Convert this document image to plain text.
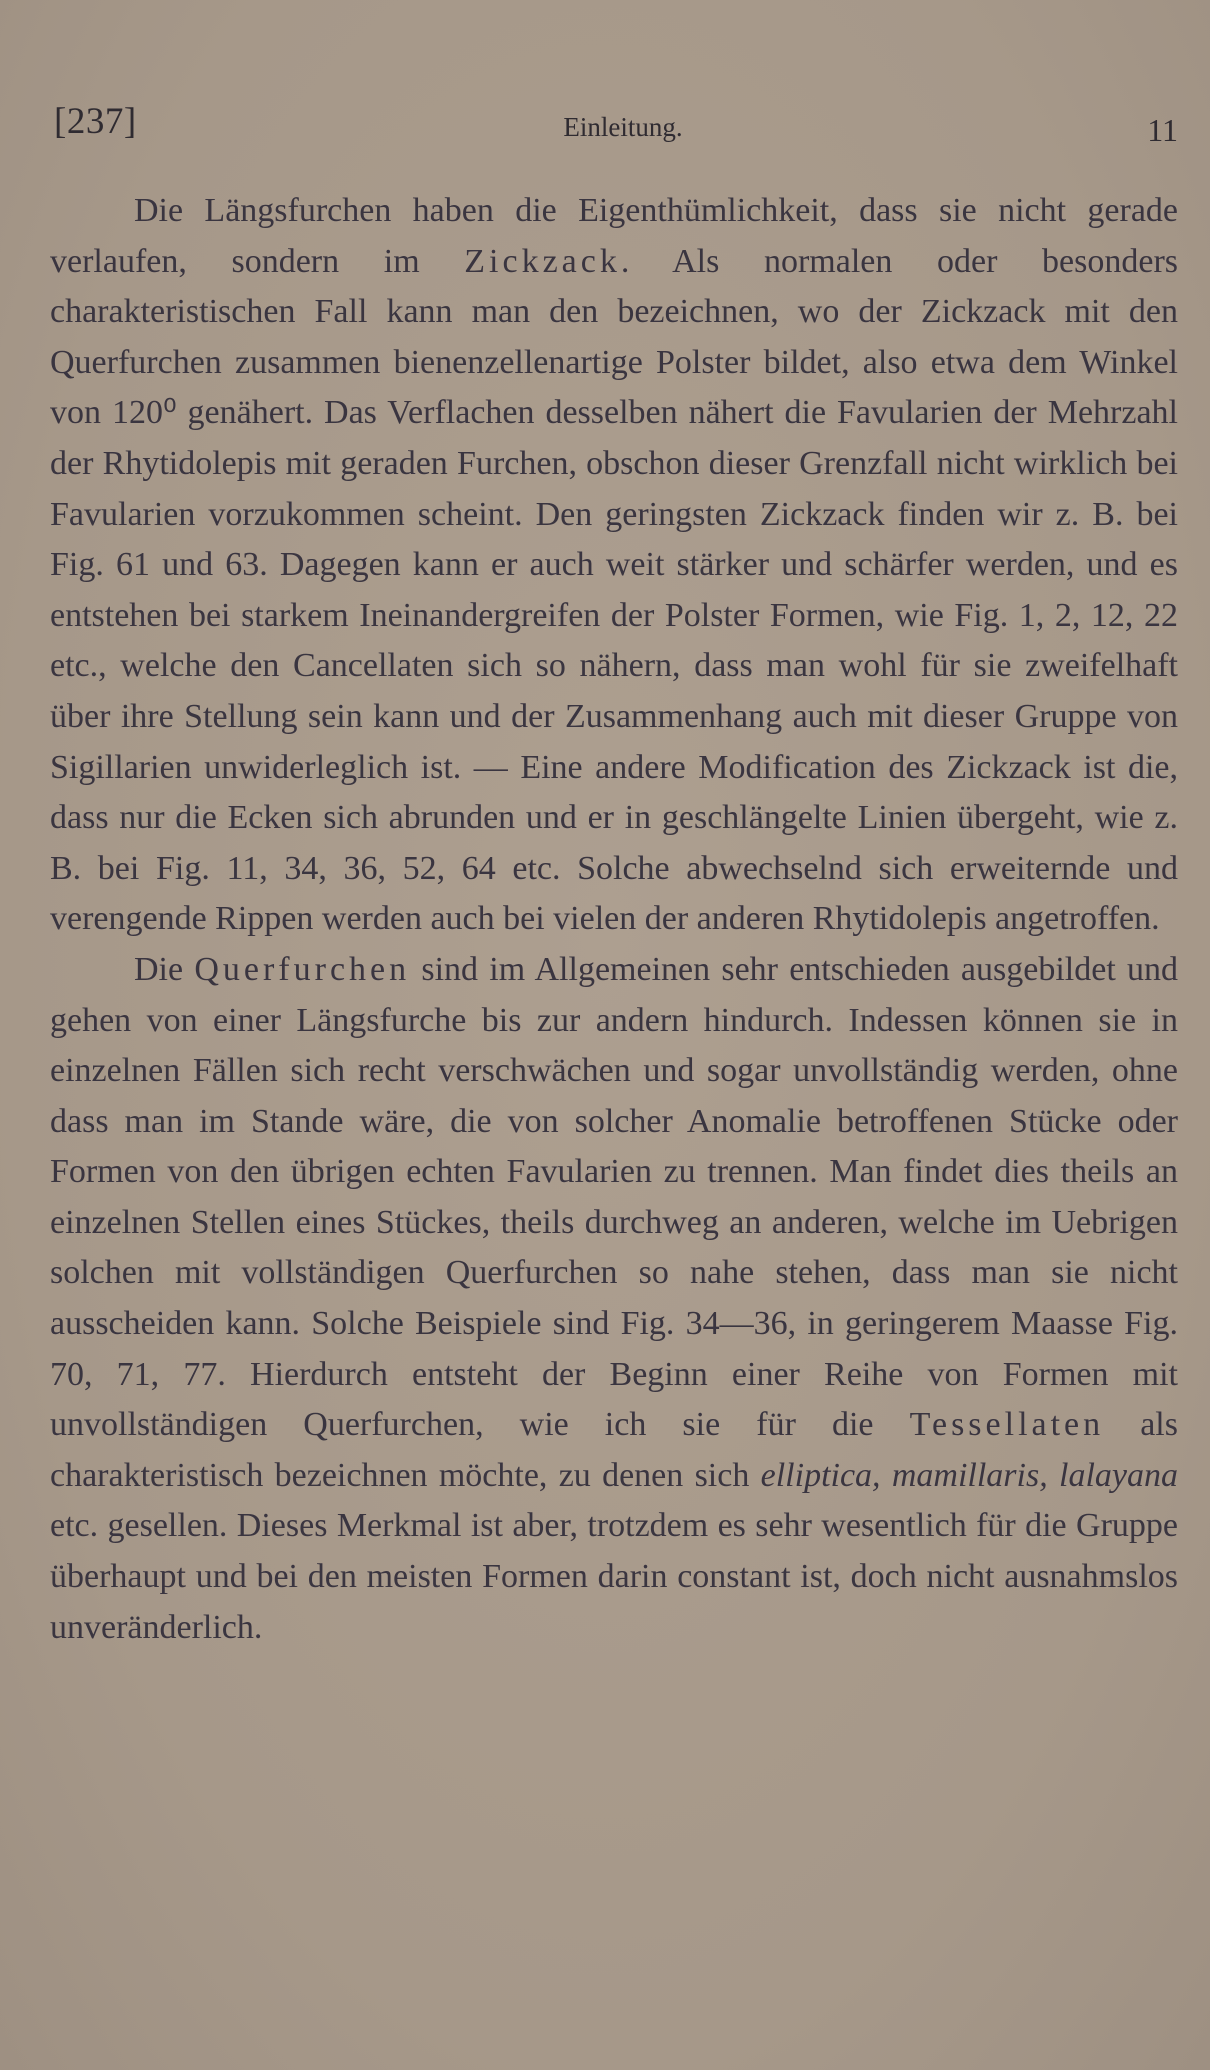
[237]	Einleitung.	11

Die Längsfurchen haben die Eigenthümlichkeit, dass sie nicht gerade verlaufen, sondern im Zickzack. Als normalen oder besonders charakteristischen Fall kann man den bezeichnen, wo der Zickzack mit den Querfurchen zusammen bienenzellenartige Polster bildet, also etwa dem Winkel von 120⁰ genähert. Das Verflachen desselben nähert die Favularien der Mehrzahl der Rhytidolepis mit geraden Furchen, obschon dieser Grenzfall nicht wirklich bei Favularien vorzukommen scheint. Den geringsten Zickzack finden wir z. B. bei Fig. 61 und 63. Dagegen kann er auch weit stärker und schärfer werden, und es entstehen bei starkem Ineinandergreifen der Polster Formen, wie Fig. 1, 2, 12, 22 etc., welche den Cancellaten sich so nähern, dass man wohl für sie zweifelhaft über ihre Stellung sein kann und der Zusammenhang auch mit dieser Gruppe von Sigillarien unwiderleglich ist. — Eine andere Modification des Zickzack ist die, dass nur die Ecken sich abrunden und er in geschlängelte Linien übergeht, wie z. B. bei Fig. 11, 34, 36, 52, 64 etc. Solche abwechselnd sich erweiternde und verengende Rippen werden auch bei vielen der anderen Rhytidolepis angetroffen.

Die Querfurchen sind im Allgemeinen sehr entschieden ausgebildet und gehen von einer Längsfurche bis zur andern hindurch. Indessen können sie in einzelnen Fällen sich recht verschwächen und sogar unvollständig werden, ohne dass man im Stande wäre, die von solcher Anomalie betroffenen Stücke oder Formen von den übrigen echten Favularien zu trennen. Man findet dies theils an einzelnen Stellen eines Stückes, theils durchweg an anderen, welche im Uebrigen solchen mit vollständigen Querfurchen so nahe stehen, dass man sie nicht ausscheiden kann. Solche Beispiele sind Fig. 34—36, in geringerem Maasse Fig. 70, 71, 77. Hierdurch entsteht der Beginn einer Reihe von Formen mit unvollständigen Querfurchen, wie ich sie für die Tessellaten als charakteristisch bezeichnen möchte, zu denen sich elliptica, mamillaris, lalayana etc. gesellen. Dieses Merkmal ist aber, trotzdem es sehr wesentlich für die Gruppe überhaupt und bei den meisten Formen darin constant ist, doch nicht ausnahmslos unveränderlich.
